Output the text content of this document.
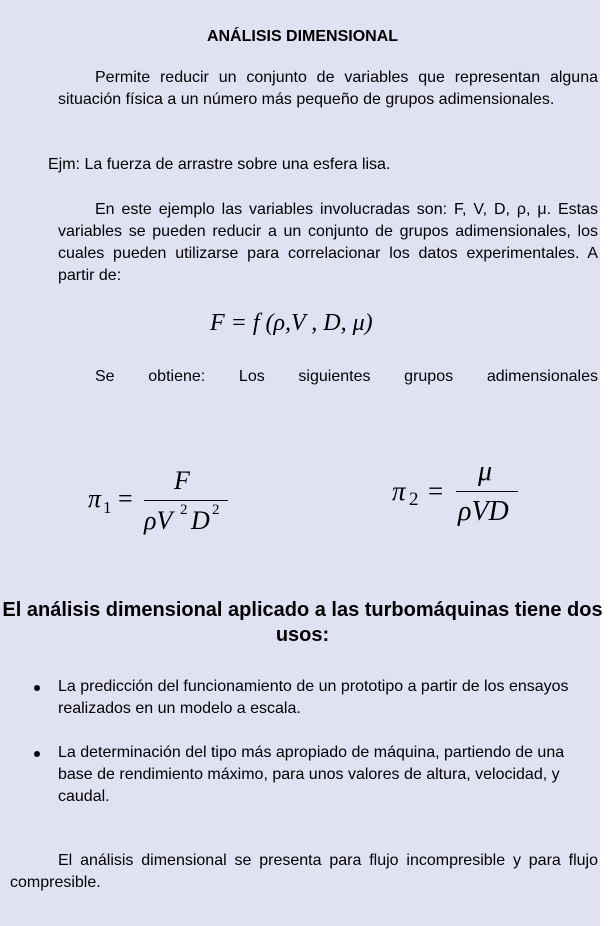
ANÁLISIS DIMENSIONAL

Permite reducir un conjunto de variables que representan alguna situación física a un número más pequeño de grupos adimensionales.

Ejm: La fuerza de arrastre sobre una esfera lisa.

En este ejemplo las variables involucradas son: F, V, D, ρ, μ. Estas variables se pueden reducir a un conjunto de grupos adimensionales, los cuales pueden utilizarse para correlacionar los datos experimentales. A partir de:

F = f (ρ,V , D, μ)

Se obtiene: Los siguientes grupos adimensionales

π 1 =
F
ρV 2 D 2
π 2 =
μ
ρVD
El análisis dimensional aplicado a las turbomáquinas tiene dos usos:
La predicción del funcionamiento de un prototipo a partir de los ensayos realizados en un modelo a escala.
La determinación del tipo más apropiado de máquina, partiendo de una base de rendimiento máximo, para unos valores de altura, velocidad, y caudal.

El análisis dimensional se presenta para flujo incompresible y para flujo compresible.
